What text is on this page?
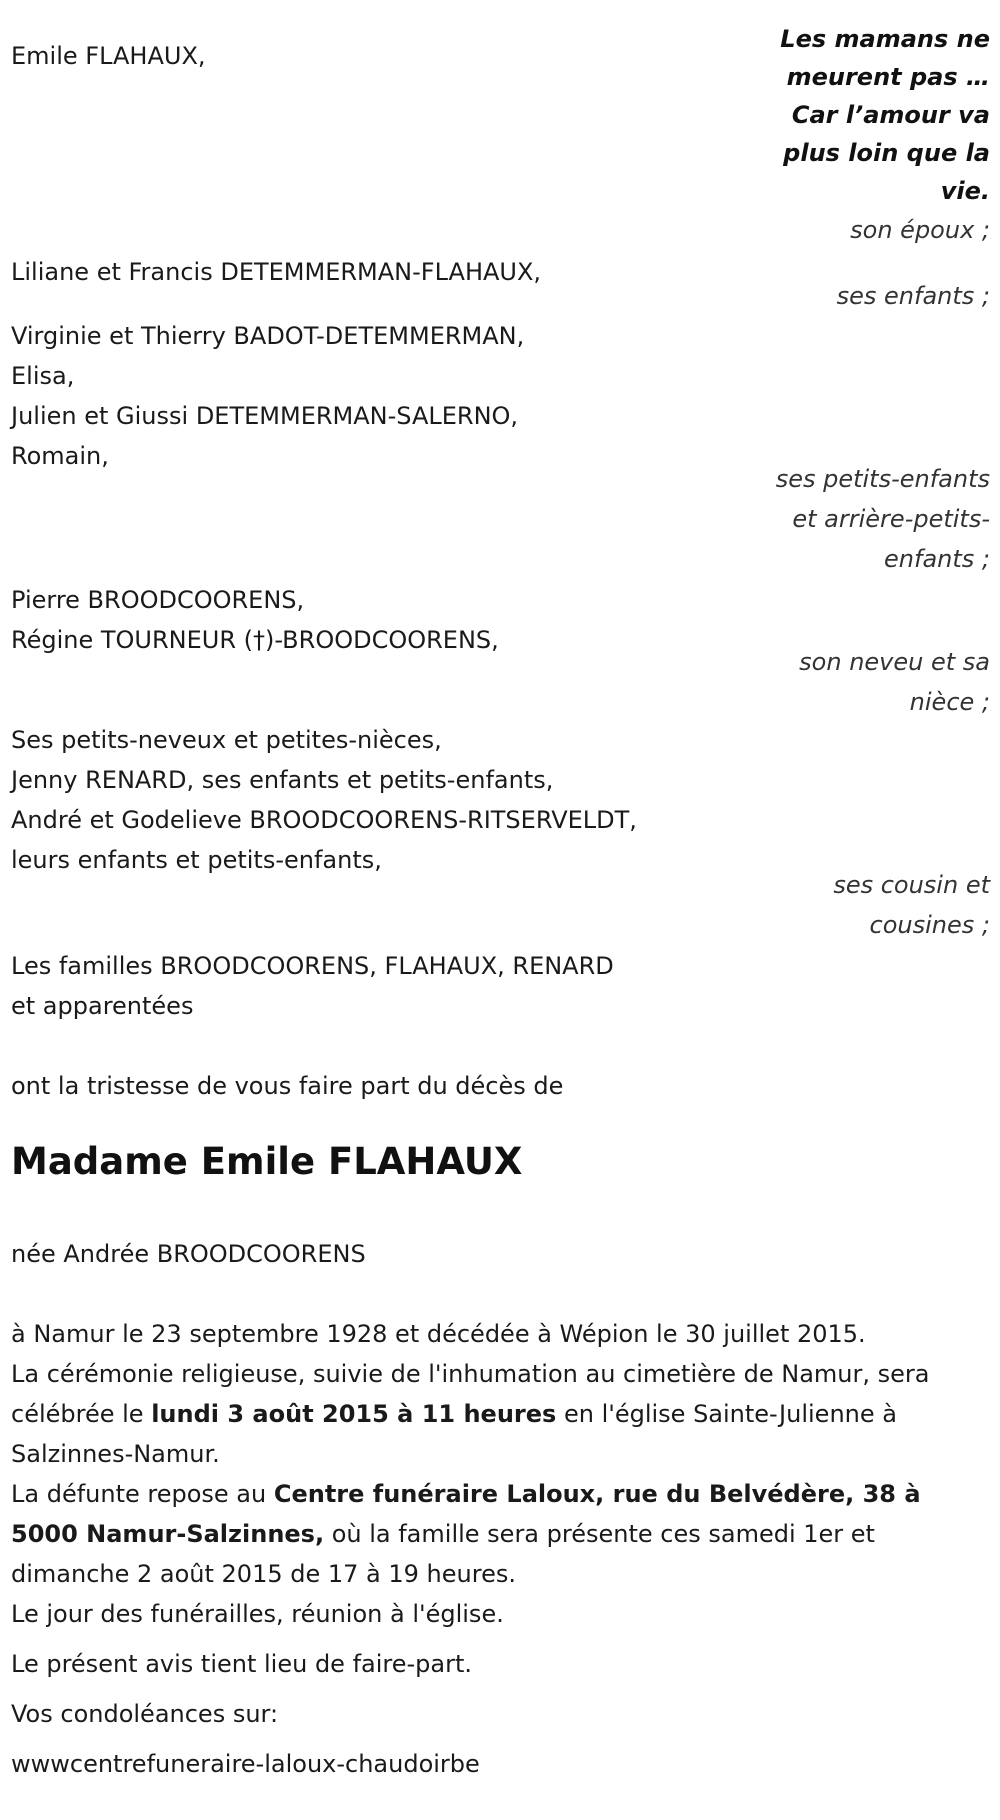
Les mamans ne
meurent pas …
Car l’amour va
plus loin que la
vie.
Emile FLAHAUX,
son époux ;
Liliane et Francis DETEMMERMAN-FLAHAUX,
ses enfants ;
Virginie et Thierry BADOT-DETEMMERMAN,
Elisa,
Julien et Giussi DETEMMERMAN-SALERNO,
Romain,
ses petits-enfants
et arrière-petits-
enfants ;
Pierre BROODCOORENS,
Régine TOURNEUR (†)-BROODCOORENS,
son neveu et sa
nièce ;
Ses petits-neveux et petites-nièces,
Jenny RENARD, ses enfants et petits-enfants,
André et Godelieve BROODCOORENS-RITSERVELDT,
leurs enfants et petits-enfants,
ses cousin et
cousines ;
Les familles BROODCOORENS, FLAHAUX, RENARD
et apparentées
ont la tristesse de vous faire part du décès de
Madame Emile FLAHAUX
née Andrée BROODCOORENS
à Namur le 23 septembre 1928 et décédée à Wépion le 30 juillet 2015.
La cérémonie religieuse, suivie de l'inhumation au cimetière de Namur, sera célébrée le lundi 3 août 2015 à 11 heures en l'église Sainte-Julienne à Salzinnes-Namur.
La défunte repose au Centre funéraire Laloux, rue du Belvédère, 38 à 5000 Namur-Salzinnes, où la famille sera présente ces samedi 1er et dimanche 2 août 2015 de 17 à 19 heures.
Le jour des funérailles, réunion à l'église.
Le présent avis tient lieu de faire-part.
Vos condoléances sur:
wwwcentrefuneraire-laloux-chaudoirbe
